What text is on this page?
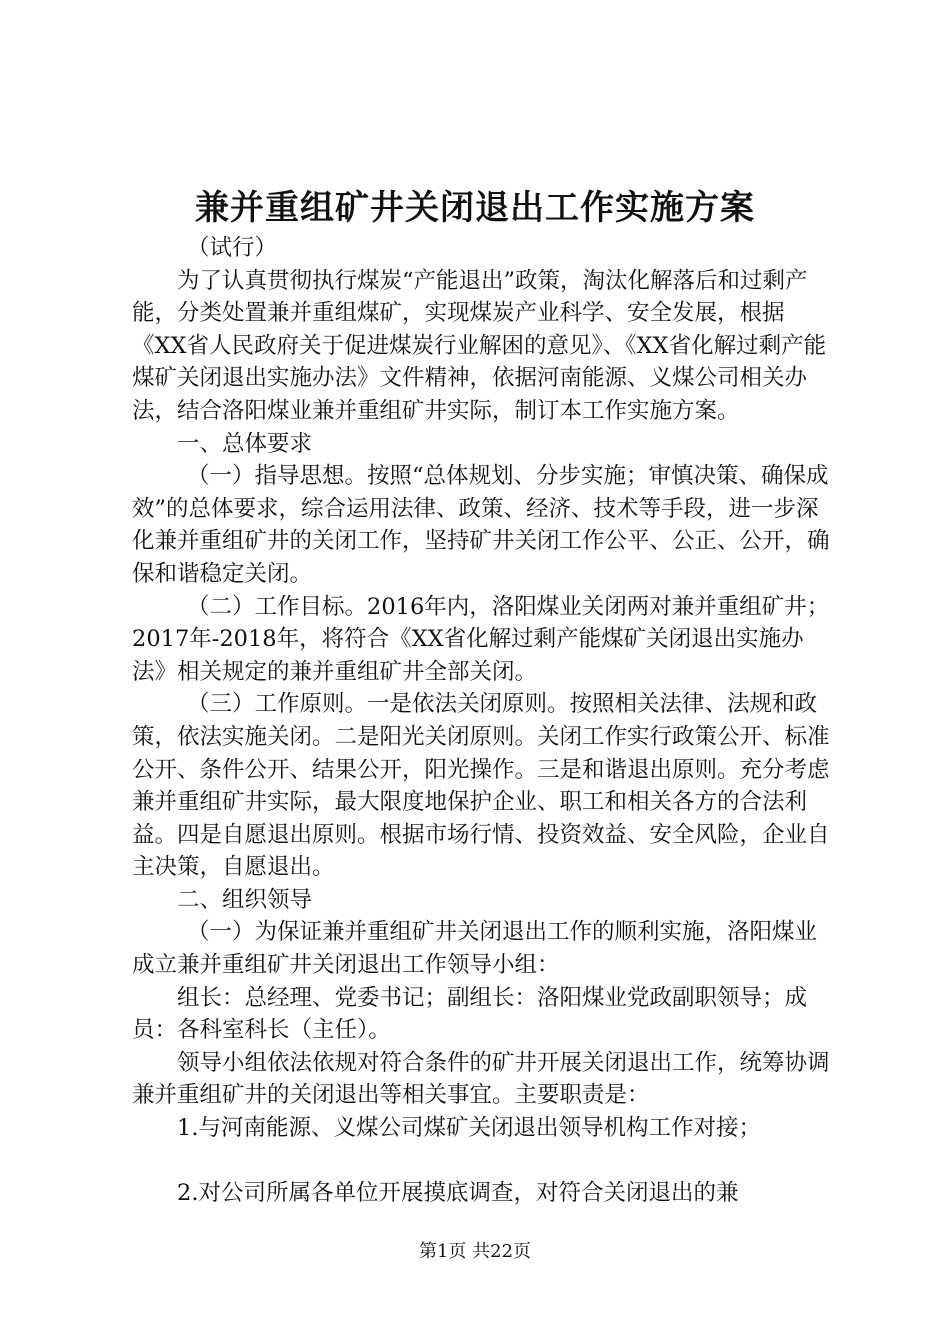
兼并重组矿井关闭退出工作实施方案

（试行）

为了认真贯彻执行煤炭“产能退出”政策，淘汰化解落后和过剩产能，分类处置兼并重组煤矿，实现煤炭产业科学、安全发展，根据《XX省人民政府关于促进煤炭行业解困的意见》、《XX省化解过剩产能煤矿关闭退出实施办法》文件精神，依据河南能源、义煤公司相关办法，结合洛阳煤业兼并重组矿井实际，制订本工作实施方案。

一、总体要求

（一）指导思想。按照“总体规划、分步实施；审慎决策、确保成效”的总体要求，综合运用法律、政策、经济、技术等手段，进一步深化兼并重组矿井的关闭工作，坚持矿井关闭工作公平、公正、公开，确保和谐稳定关闭。

（二）工作目标。2016年内，洛阳煤业关闭两对兼并重组矿井；2017年-2018年，将符合《XX省化解过剩产能煤矿关闭退出实施办法》相关规定的兼并重组矿井全部关闭。

（三）工作原则。一是依法关闭原则。按照相关法律、法规和政策，依法实施关闭。二是阳光关闭原则。关闭工作实行政策公开、标准公开、条件公开、结果公开，阳光操作。三是和谐退出原则。充分考虑兼并重组矿井实际，最大限度地保护企业、职工和相关各方的合法利益。四是自愿退出原则。根据市场行情、投资效益、安全风险，企业自主决策，自愿退出。

二、组织领导

（一）为保证兼并重组矿井关闭退出工作的顺利实施，洛阳煤业成立兼并重组矿井关闭退出工作领导小组：

组长：总经理、党委书记；副组长：洛阳煤业党政副职领导；成员：各科室科长（主任）。

领导小组依法依规对符合条件的矿井开展关闭退出工作，统筹协调兼并重组矿井的关闭退出等相关事宜。主要职责是：

1.与河南能源、义煤公司煤矿关闭退出领导机构工作对接；

2.对公司所属各单位开展摸底调查，对符合关闭退出的兼

第1页 共22页
